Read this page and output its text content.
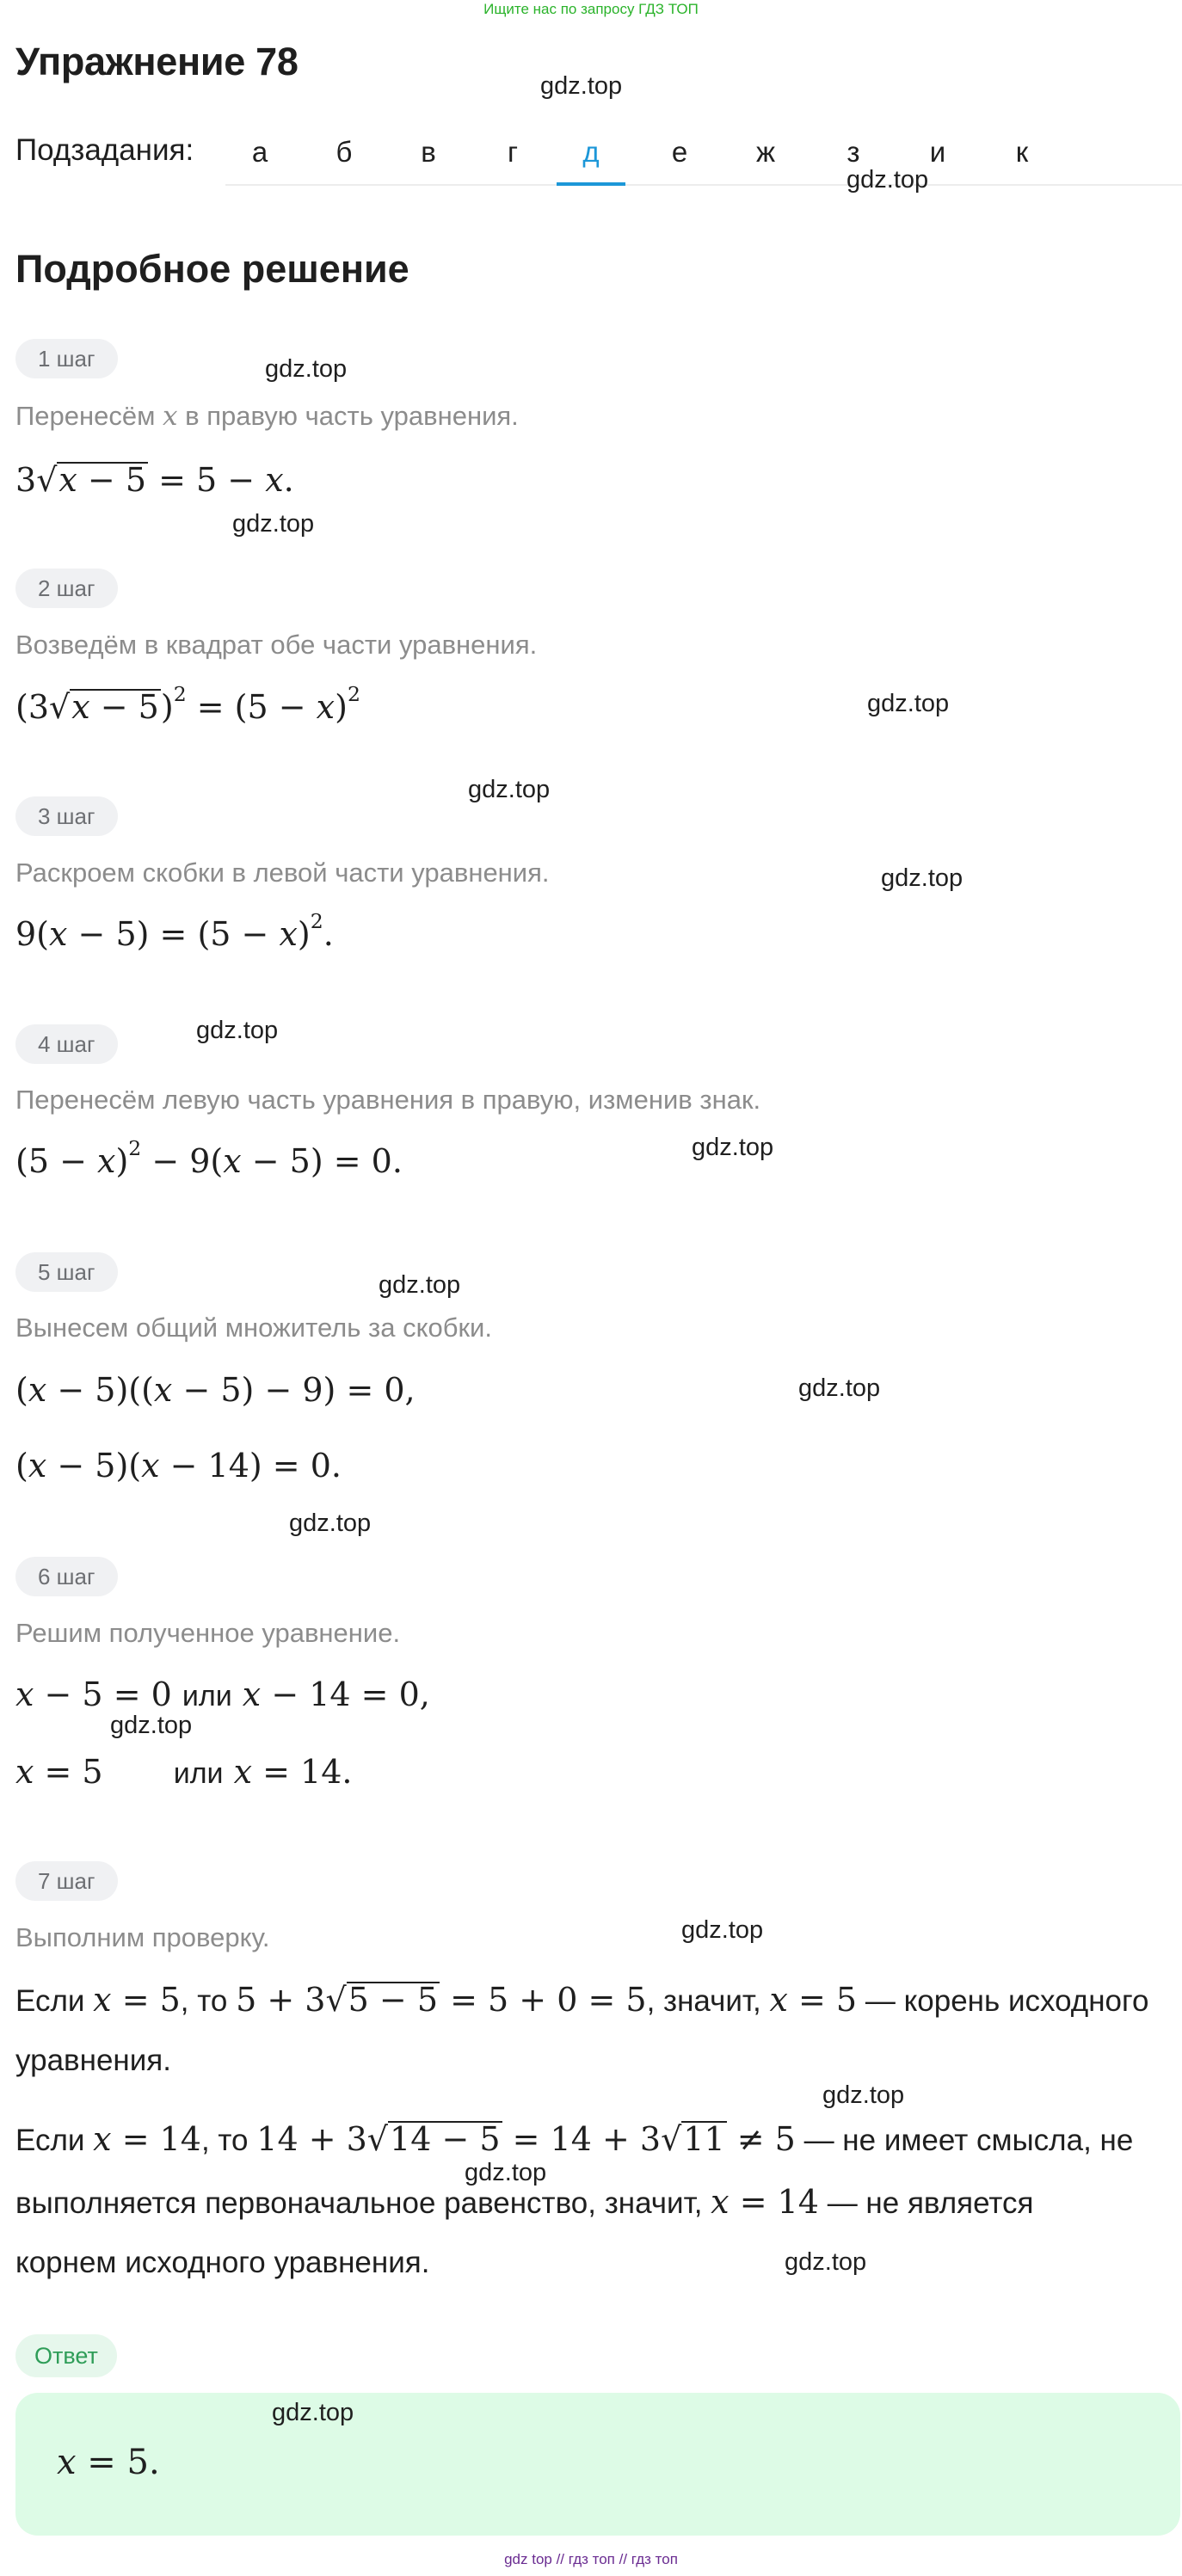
Ищите нас по запросу ГДЗ ТОП
Упражнение 78
Подзадания:	а	б	в	г	д	е	ж	з	и	к
Подробное решение
1 шаг
Перенесём x в правую часть уравнения.
3√x − 5 = 5 − x.
2 шаг
Возведём в квадрат обе части уравнения.
$(3√x - 5)^2 = (5 - x)^2$
3 шаг
Раскроем скобки в левой части уравнения.
$9(x - 5) = (5 - x)^2$.
4 шаг
Перенесём левую часть уравнения в правую, изменив знак.
$(5 - x)^2 - 9(x - 5) = 0$.
5 шаг
Вынесем общий множитель за скобки.
(x − 5)((x − 5) − 9) = 0,
(x − 5)(x − 14) = 0.
6 шаг
Решим полученное уравнение.
x − 5 = 0 или x − 14 = 0,
x = 5 или x = 14.
7 шаг
Выполним проверку.
Если x = 5, то 5 + 3√5 − 5 = 5 + 0 = 5, значит, x = 5 — корень исходного
уравнения.
Если x = 14, то 14 + 3√14 − 5 = 14 + 3√11 ≠ 5 — не имеет смысла, не
выполняется первоначальное равенство, значит, x = 14 — не является
корнем исходного уравнения.
Ответ
x = 5.
gdz.top
gdz.top
gdz.top
gdz.top
gdz.top
gdz.top
gdz.top
gdz.top
gdz.top
gdz.top
gdz.top
gdz.top
gdz.top
gdz.top
gdz.top
gdz.top
gdz.top
gdz.top
gdz top // гдз топ // гдз топ
